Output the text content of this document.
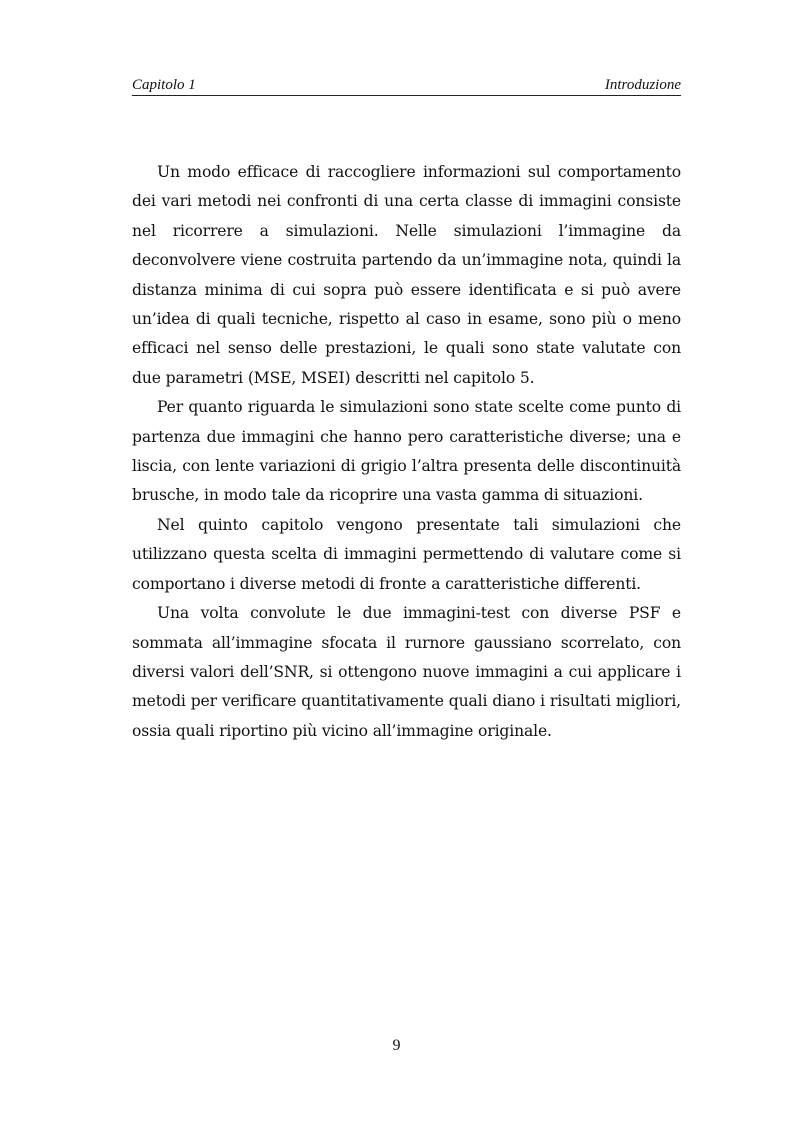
Capitolo 1	Introduzione

Un modo efficace di raccogliere informazioni sul comportamento dei vari metodi nei confronti di una certa classe di immagini consiste nel ricorrere a simulazioni. Nelle simulazioni l’immagine da deconvolvere viene costruita partendo da un’immagine nota, quindi la distanza minima di cui sopra può essere identificata e si può avere un’idea di quali tecniche, rispetto al caso in esame, sono più o meno efficaci nel senso delle prestazioni, le quali sono state valutate con due parametri (MSE, MSEI) descritti nel capitolo 5.

Per quanto riguarda le simulazioni sono state scelte come punto di partenza due immagini che hanno pero caratteristiche diverse; una e liscia, con lente variazioni di grigio l’altra presenta delle discontinuità brusche, in modo tale da ricoprire una vasta gamma di situazioni.

Nel quinto capitolo vengono presentate tali simulazioni che utilizzano questa scelta di immagini permettendo di valutare come si comportano i diverse metodi di fronte a caratteristiche differenti.

Una volta convolute le due immagini-test con diverse PSF e sommata all’immagine sfocata il rurnore gaussiano scorrelato, con diversi valori dell’SNR, si ottengono nuove immagini a cui applicare i metodi per verificare quantitativamente quali diano i risultati migliori, ossia quali riportino più vicino all’immagine originale.

9
